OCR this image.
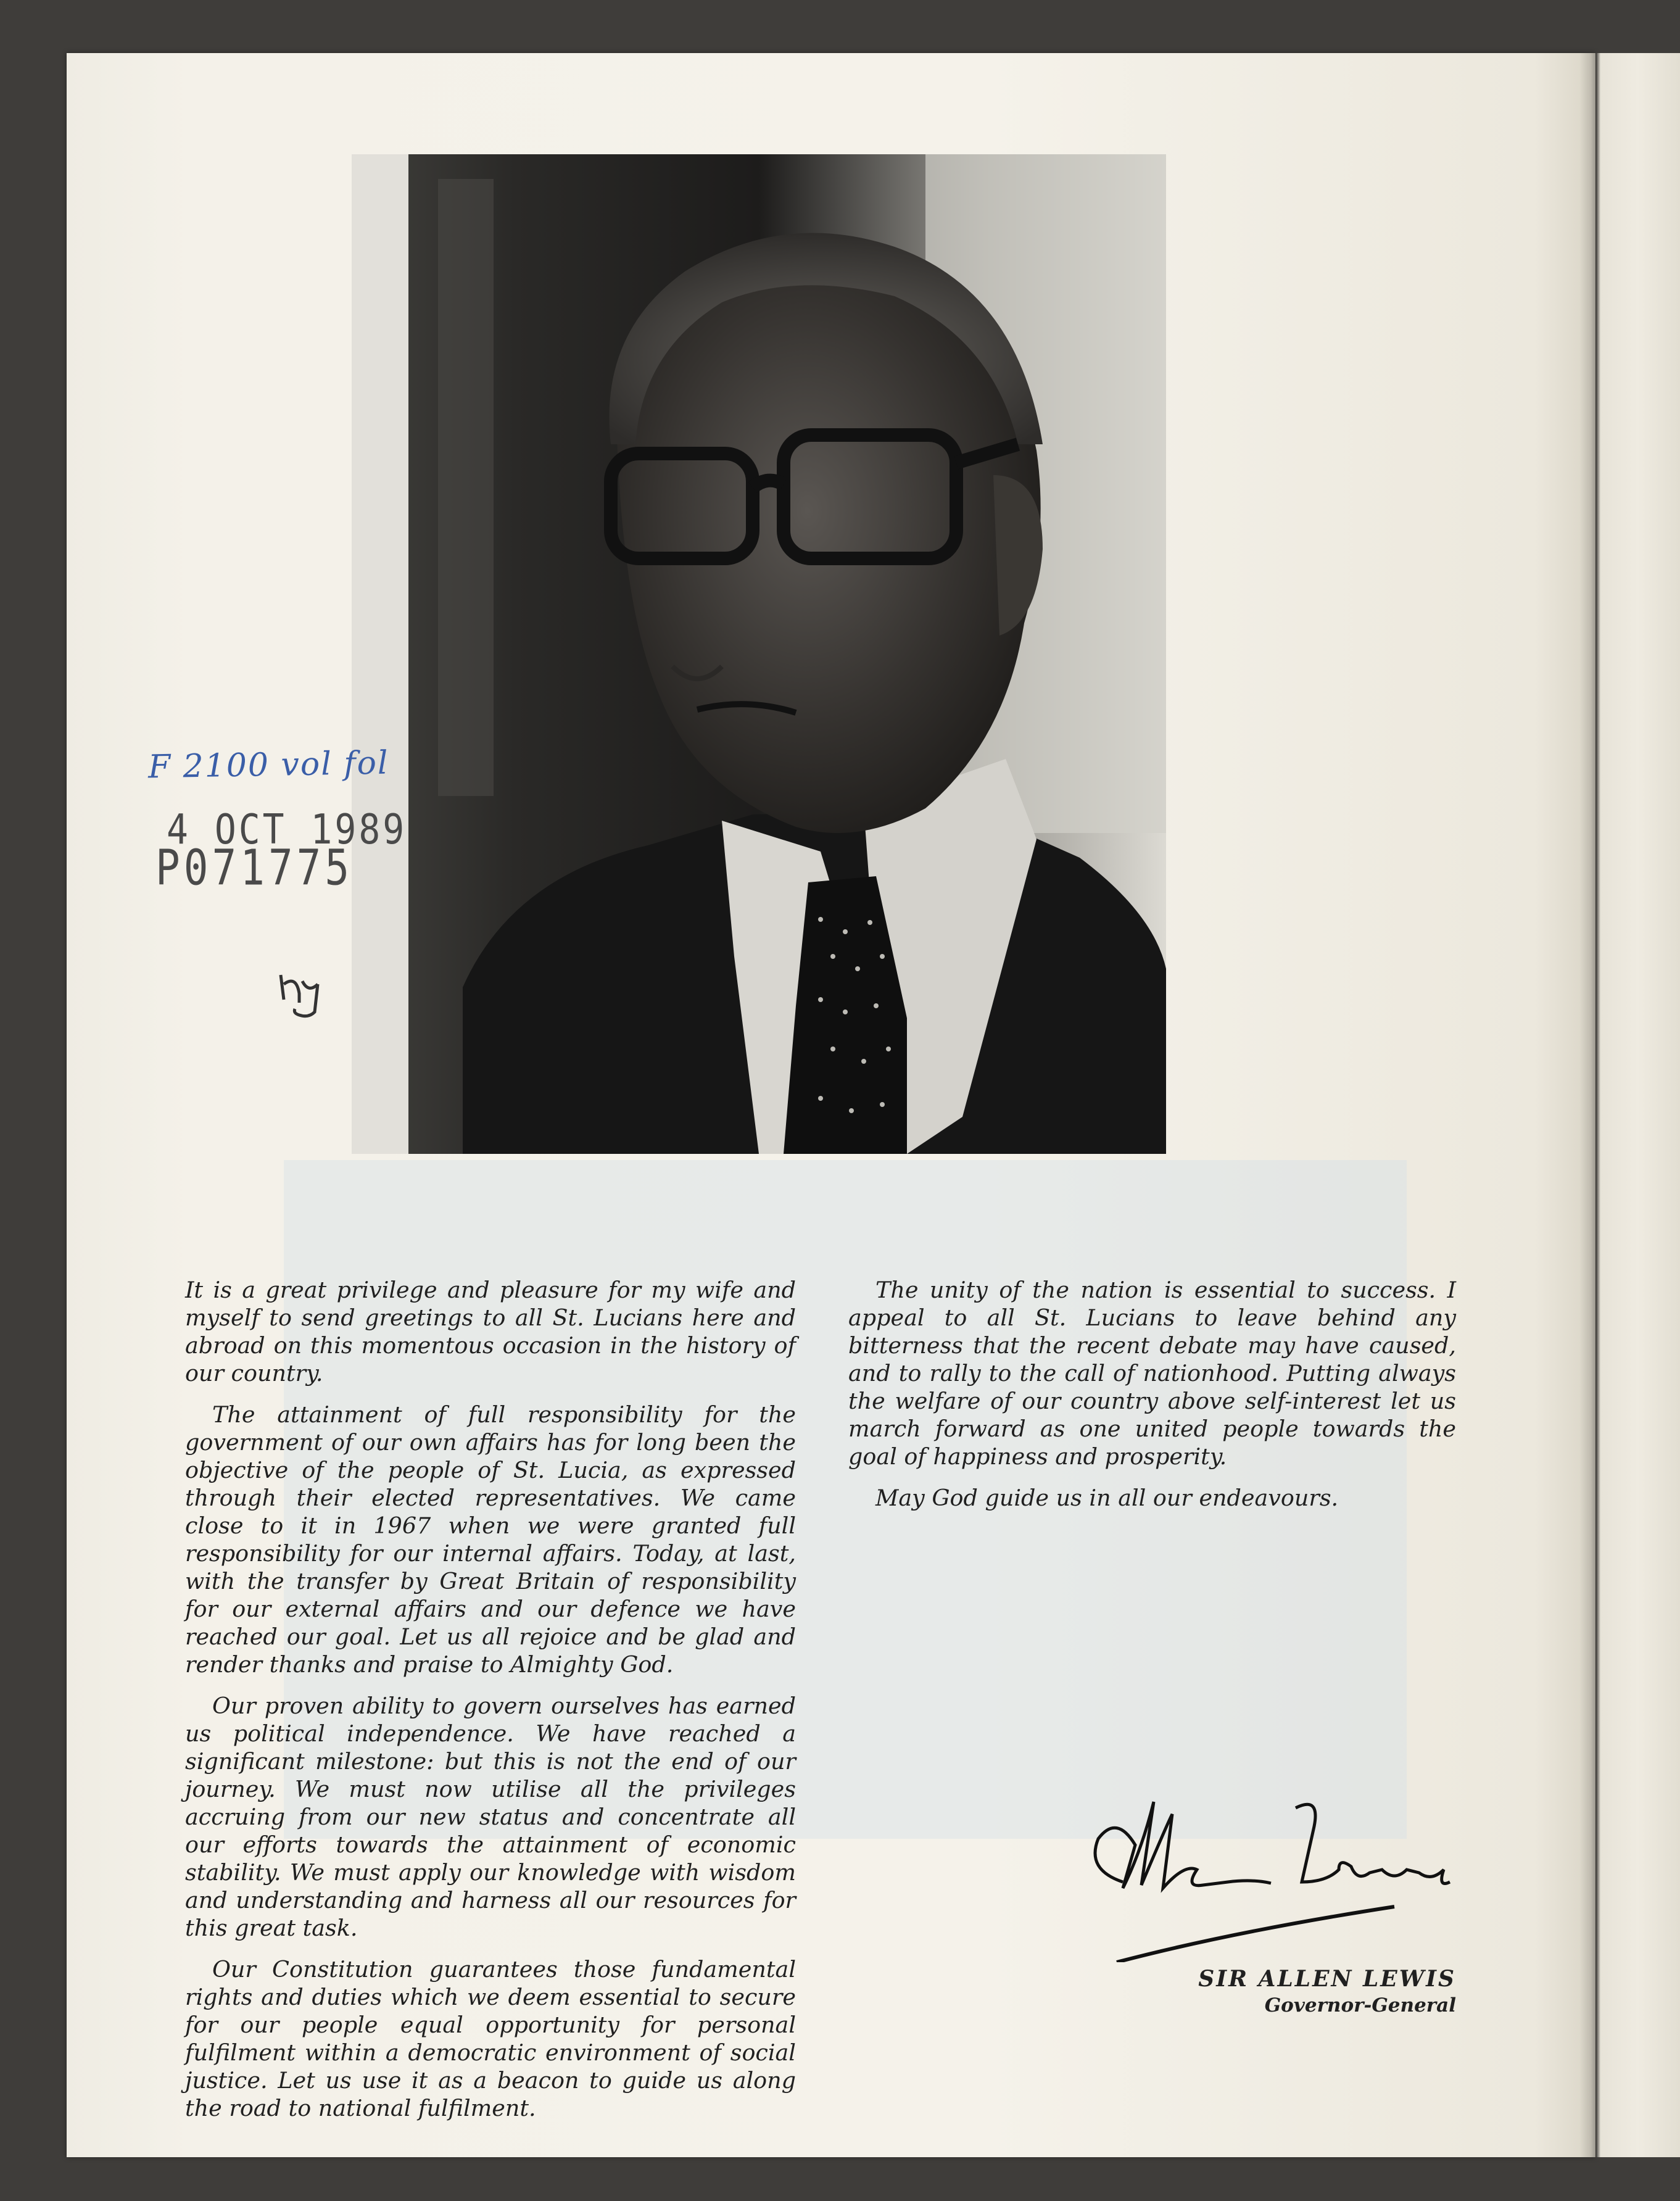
F 2100 vol fol
4 OCT 1989
P071775

It is a great privilege and pleasure for my wife and myself to send greetings to all St. Lucians here and abroad on this momentous occasion in the history of our country.

The attainment of full responsibility for the government of our own affairs has for long been the objective of the people of St. Lucia, as expressed through their elected representatives. We came close to it in 1967 when we were granted full responsibility for our internal affairs. Today, at last, with the transfer by Great Britain of responsibility for our external affairs and our defence we have reached our goal. Let us all rejoice and be glad and render thanks and praise to Almighty God.

Our proven ability to govern ourselves has earned us political independence. We have reached a significant milestone: but this is not the end of our journey. We must now utilise all the privileges accruing from our new status and concentrate all our efforts towards the attainment of economic stability. We must apply our knowledge with wisdom and understanding and harness all our resources for this great task.

Our Constitution guarantees those fundamental rights and duties which we deem essential to secure for our people equal opportunity for personal fulfilment within a democratic environment of social justice. Let us use it as a beacon to guide us along the road to national fulfilment.

The unity of the nation is essential to success. I appeal to all St. Lucians to leave behind any bitterness that the recent debate may have caused, and to rally to the call of nationhood. Putting always the welfare of our country above self-interest let us march forward as one united people towards the goal of happiness and prosperity.

May God guide us in all our endeavours.

SIR ALLEN LEWIS
Governor-General
